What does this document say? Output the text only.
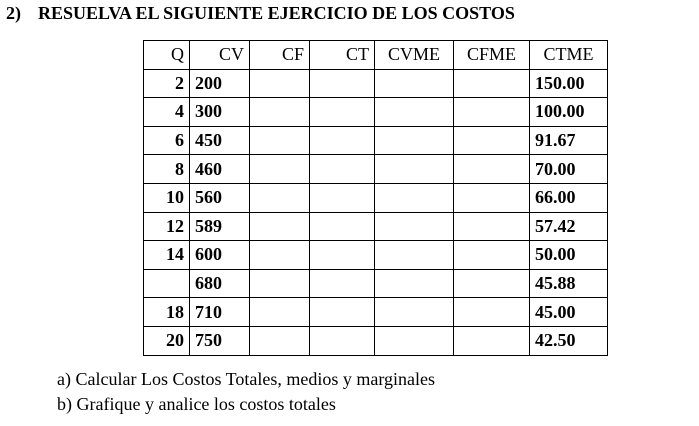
2) RESUELVA EL SIGUIENTE EJERCICIO DE LOS COSTOS
Q	CV	CF	CT	CVME	CFME	CTME
2	200					150.00
4	300					100.00
6	450					91.67
8	460					70.00
10	560					66.00
12	589					57.42
14	600					50.00
	680					45.88
18	710					45.00
20	750					42.50
a) Calcular Los Costos Totales, medios y marginales
b) Grafique y analice los costos totales
